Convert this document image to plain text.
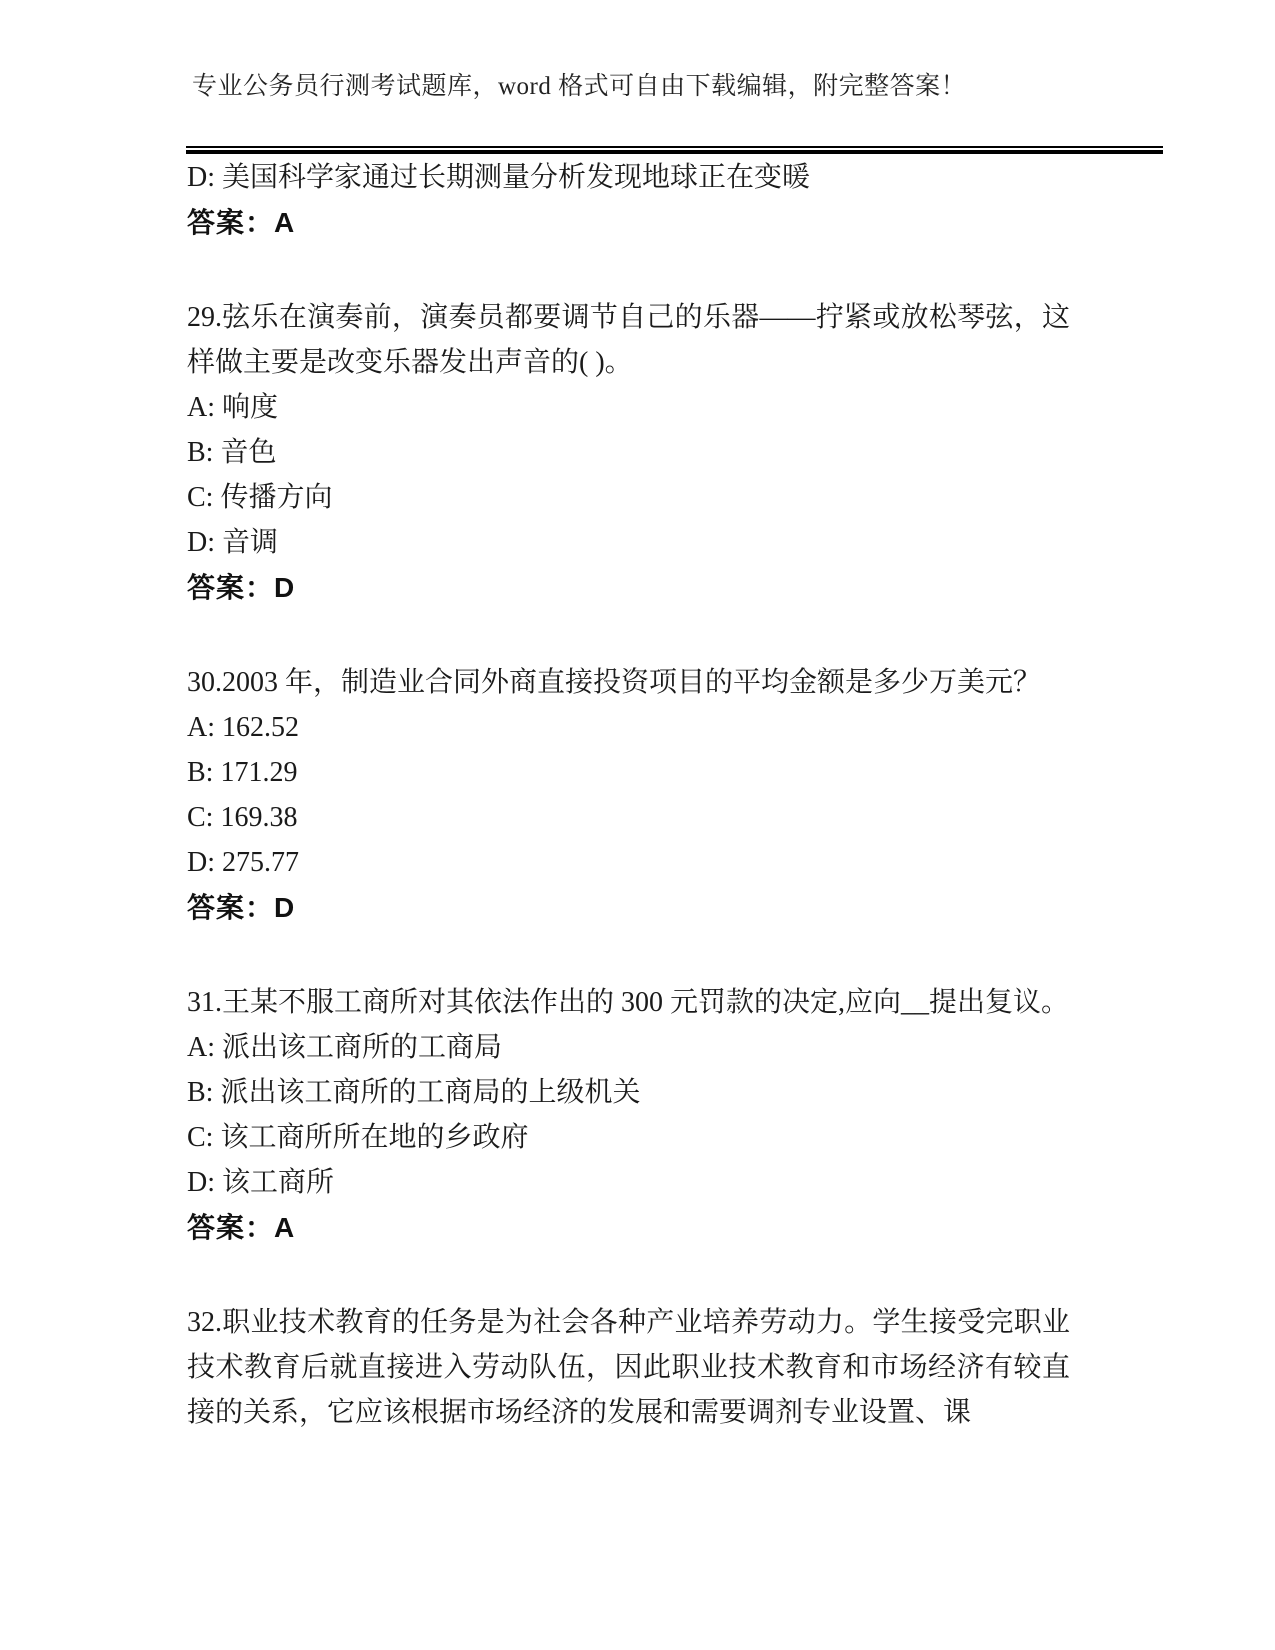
专业公务员行测考试题库，word 格式可自由下载编辑，附完整答案！
D: 美国科学家通过长期测量分析发现地球正在变暖
答案：A
29.弦乐在演奏前，演奏员都要调节自己的乐器——拧紧或放松琴弦，这样做主要是改变乐器发出声音的( )。
A: 响度
B: 音色
C: 传播方向
D: 音调
答案：D
30.2003 年，制造业合同外商直接投资项目的平均金额是多少万美元？
A: 162.52
B: 171.29
C: 169.38
D: 275.77
答案：D
31.王某不服工商所对其依法作出的 300 元罚款的决定,应向__提出复议。
A: 派出该工商所的工商局
B: 派出该工商所的工商局的上级机关
C: 该工商所所在地的乡政府
D: 该工商所
答案：A
32.职业技术教育的任务是为社会各种产业培养劳动力。学生接受完职业技术教育后就直接进入劳动队伍，因此职业技术教育和市场经济有较直接的关系，它应该根据市场经济的发展和需要调剂专业设置、课
